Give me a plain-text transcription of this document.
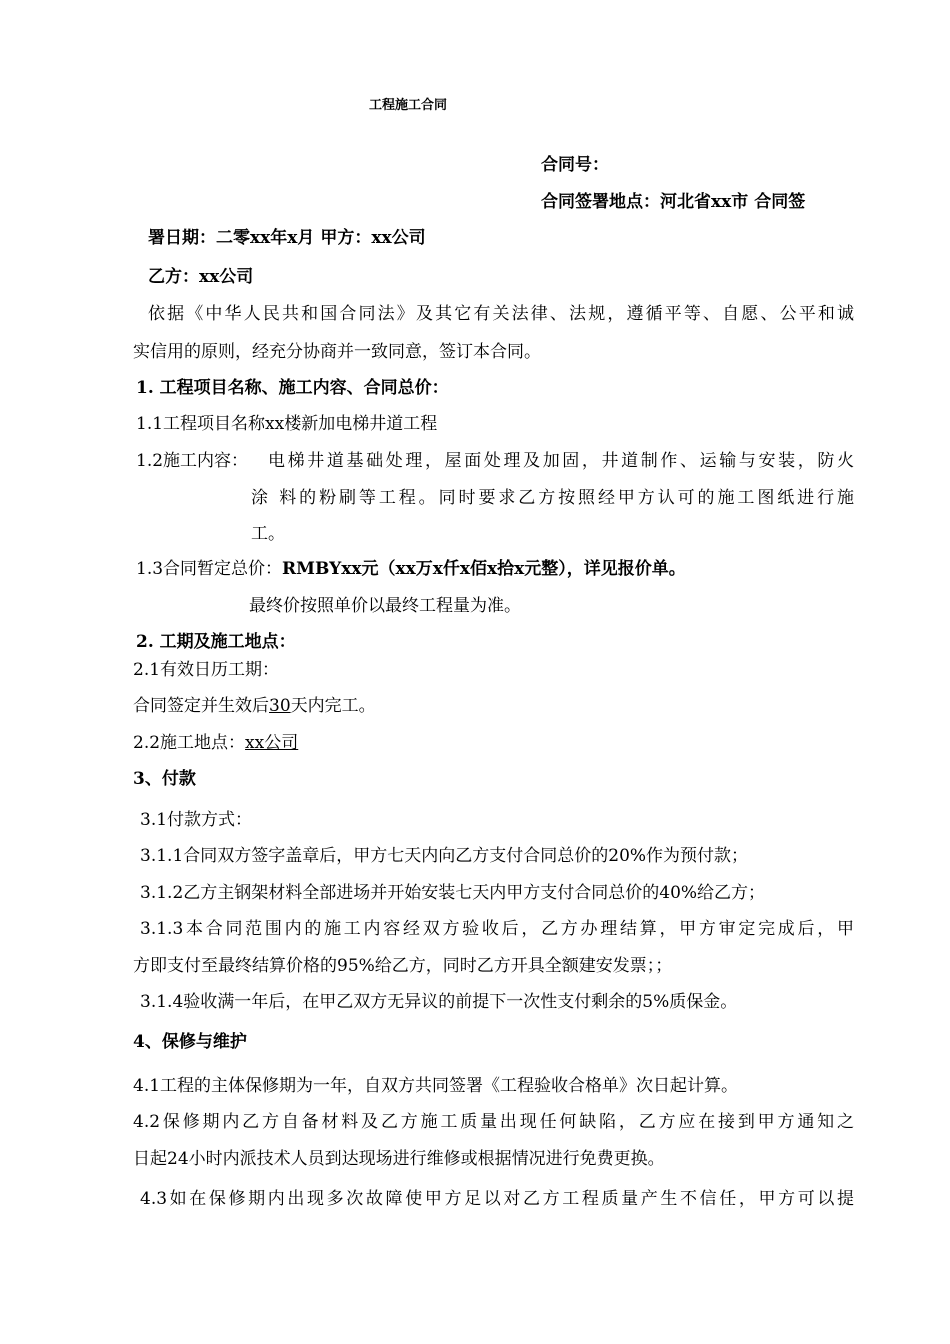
工程施工合同
合同号：
合同签署地点：河北省xx市 合同签
署日期：二零xx年x月 甲方：xx公司
乙方：xx公司
依据《中华人民共和国合同法》及其它有关法律、法规，遵循平等、自愿、公平和诚
实信用的原则，经充分协商并一致同意，签订本合同。
1. 工程项目名称、施工内容、合同总价：
1.1工程项目名称xx楼新加电梯井道工程
1.2施工内容： 电梯井道基础处理，屋面处理及加固，井道制作、运输与安装，防火
涂 料的粉刷等工程。同时要求乙方按照经甲方认可的施工图纸进行施
工。
1.3合同暂定总价：RMBYxx元（xx万x仟x佰x拾x元整），详见报价单。
最终价按照单价以最终工程量为准。
2. 工期及施工地点：
2.1有效日历工期：
合同签定并生效后30天内完工。
2.2施工地点：xx公司
3、付款
3.1付款方式：
3.1.1合同双方签字盖章后，甲方七天内向乙方支付合同总价的20%作为预付款；
3.1.2乙方主钢架材料全部进场并开始安装七天内甲方支付合同总价的40%给乙方；
3.1.3本合同范围内的施工内容经双方验收后，乙方办理结算，甲方审定完成后，甲
方即支付至最终结算价格的95%给乙方，同时乙方开具全额建安发票；；
3.1.4验收满一年后，在甲乙双方无异议的前提下一次性支付剩余的5%质保金。
4、保修与维护
4.1工程的主体保修期为一年，自双方共同签署《工程验收合格单》次日起计算。
4.2保修期内乙方自备材料及乙方施工质量出现任何缺陷，乙方应在接到甲方通知之
日起24小时内派技术人员到达现场进行维修或根据情况进行免费更换。
4.3如在保修期内出现多次故障使甲方足以对乙方工程质量产生不信任，甲方可以提
